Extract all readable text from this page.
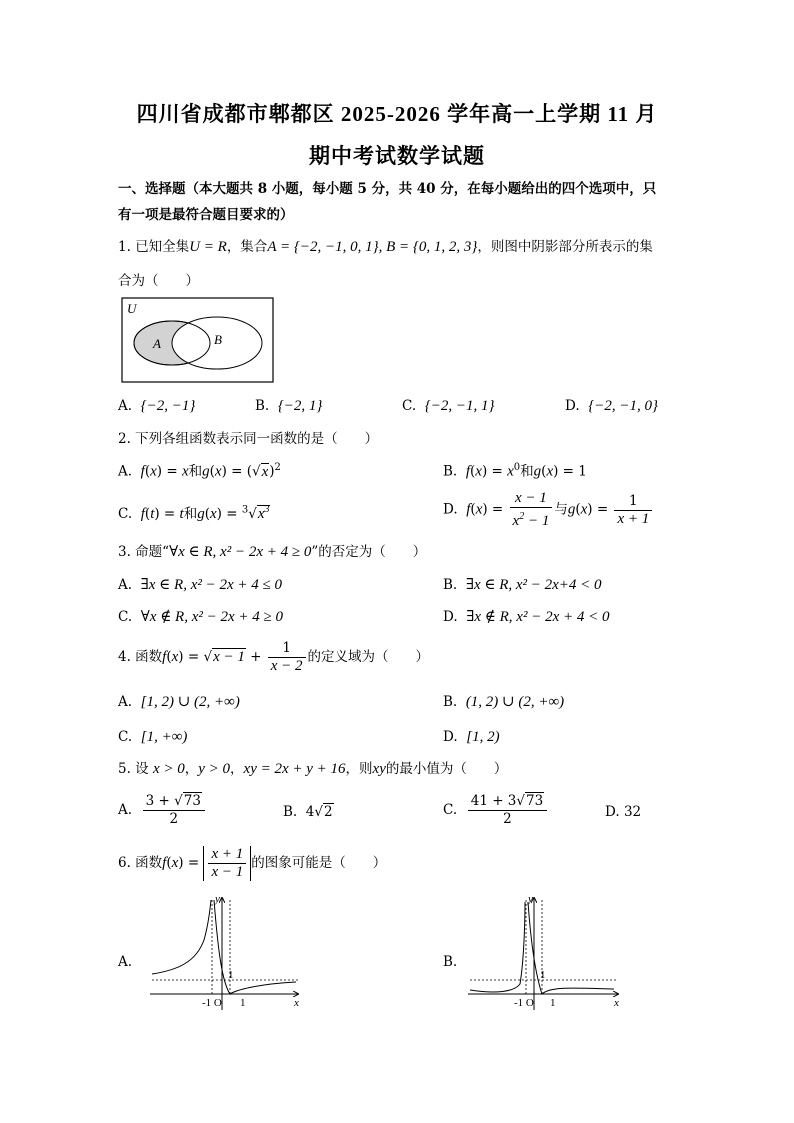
四川省成都市郫都区 2025-2026 学年高一上学期 11 月
期中考试数学试题
一、选择题（本大题共 8 小题，每小题 5 分，共 40 分，在每小题给出的四个选项中，只
有一项是最符合题目要求的）
1. 已知全集U = R，集合A = {−2, −1, 0, 1}, B = {0, 1, 2, 3}，则图中阴影部分所表示的集
合为（　　）
U
A	B
A. {−2, −1}	B. {−2, 1}	C. {−2, −1, 1}	D. {−2, −1, 0}
2. 下列各组函数表示同一函数的是（　　）
A. f(x) = x和$g(x) = (√x)^2$	B. $f(x) = x^0$和g(x) = 1
C. f(t) = t和$g(x) = ^3√x^3$	D. $f(x) = \frac{x - 1}{x^2 - 1}$ 与$g(x) = \frac{1}{x + 1}$
3. 命题“∀x ∈ R, x² − 2x + 4 ≥ 0”的否定为（　　）
A. ∃x ∈ R, x² − 2x + 4 ≤ 0	B. ∃x ∈ R, x² − 2x+4 < 0
C. ∀x ∉ R, x² − 2x + 4 ≥ 0	D. ∃x ∉ R, x² − 2x + 4 < 0
4. 函数$f(x) = √x - 1 + \frac{1}{x - 2}$ 的定义域为（　　）
A. [1, 2) ∪ (2, +∞)	B. (1, 2) ∪ (2, +∞)
C. [1, +∞)	D. [1, 2)
5. 设 x > 0，y > 0，xy = 2x + y + 16，则xy的最小值为（　　）
A. $\frac{3 + √73}{2}$	B.  4√2	C. $\frac{41 + 3√73}{2}$	D. 32
6. 函数$f(x) = \frac{x + 1}{x - 1}$ 的图象可能是（　　）
A.
y
x
1
-1 O 1
B.
y
x
1
-1 O 1
